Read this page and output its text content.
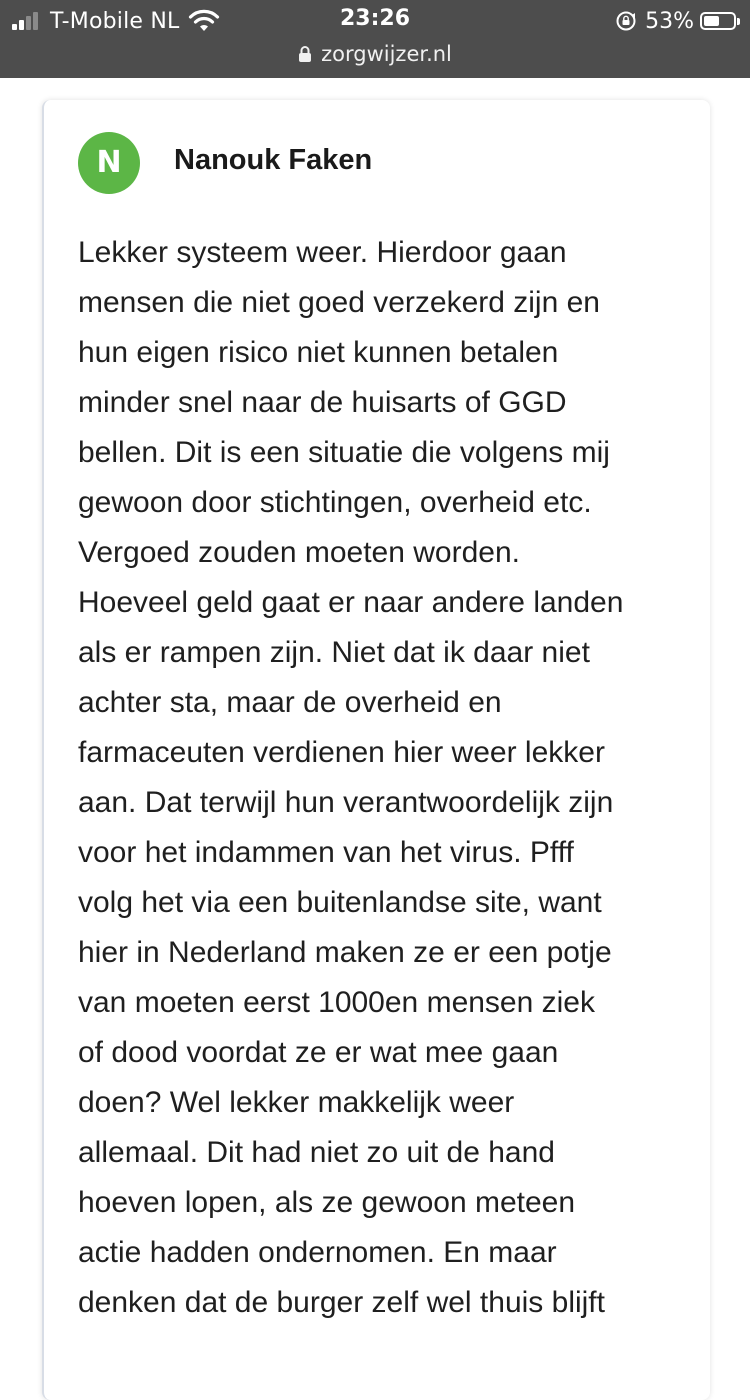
T-Mobile NL	23:26	53%
zorgwijzer.nl
N	Nanouk Faken

Lekker systeem weer. Hierdoor gaan
mensen die niet goed verzekerd zijn en
hun eigen risico niet kunnen betalen
minder snel naar de huisarts of GGD
bellen. Dit is een situatie die volgens mij
gewoon door stichtingen, overheid etc.
Vergoed zouden moeten worden.
Hoeveel geld gaat er naar andere landen
als er rampen zijn. Niet dat ik daar niet
achter sta, maar de overheid en
farmaceuten verdienen hier weer lekker
aan. Dat terwijl hun verantwoordelijk zijn
voor het indammen van het virus. Pfff
volg het via een buitenlandse site, want
hier in Nederland maken ze er een potje
van moeten eerst 1000en mensen ziek
of dood voordat ze er wat mee gaan
doen? Wel lekker makkelijk weer
allemaal. Dit had niet zo uit de hand
hoeven lopen, als ze gewoon meteen
actie hadden ondernomen. En maar
denken dat de burger zelf wel thuis blijft
